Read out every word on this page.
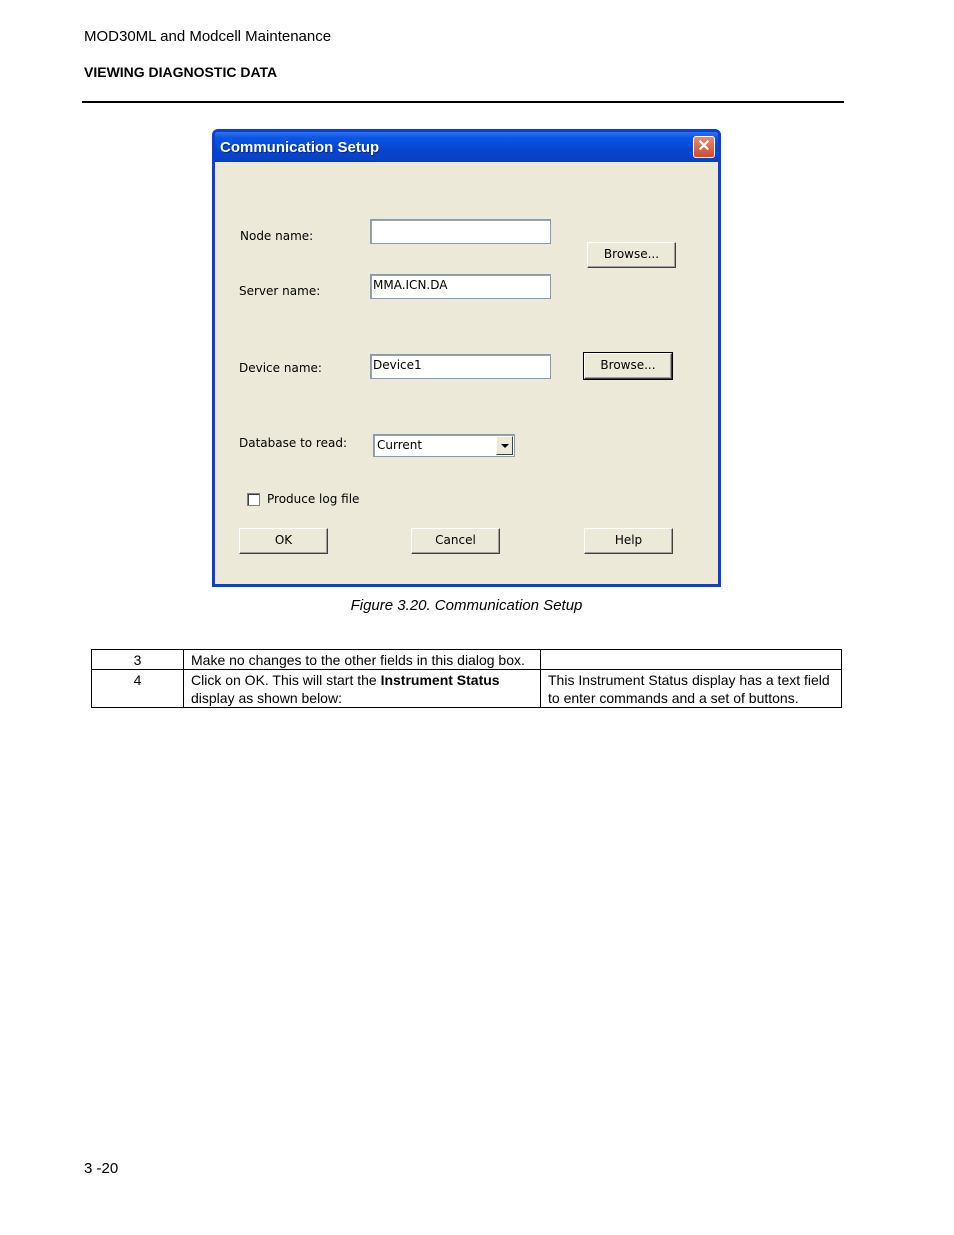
MOD30ML and Modcell Maintenance
VIEWING DIAGNOSTIC DATA
Communication Setup	✕
Node name:
Browse...
Server name:	MMA.ICN.DA
Device name:	Device1	Browse...
Database to read:	Current
Produce log file
OK	Cancel	Help
Figure 3.20. Communication Setup
3	Make no changes to the other fields in this dialog box.	
4	Click on OK. This will start the Instrument Status display as shown below:	This Instrument Status display has a text field to enter commands and a set of buttons.
3 -20
